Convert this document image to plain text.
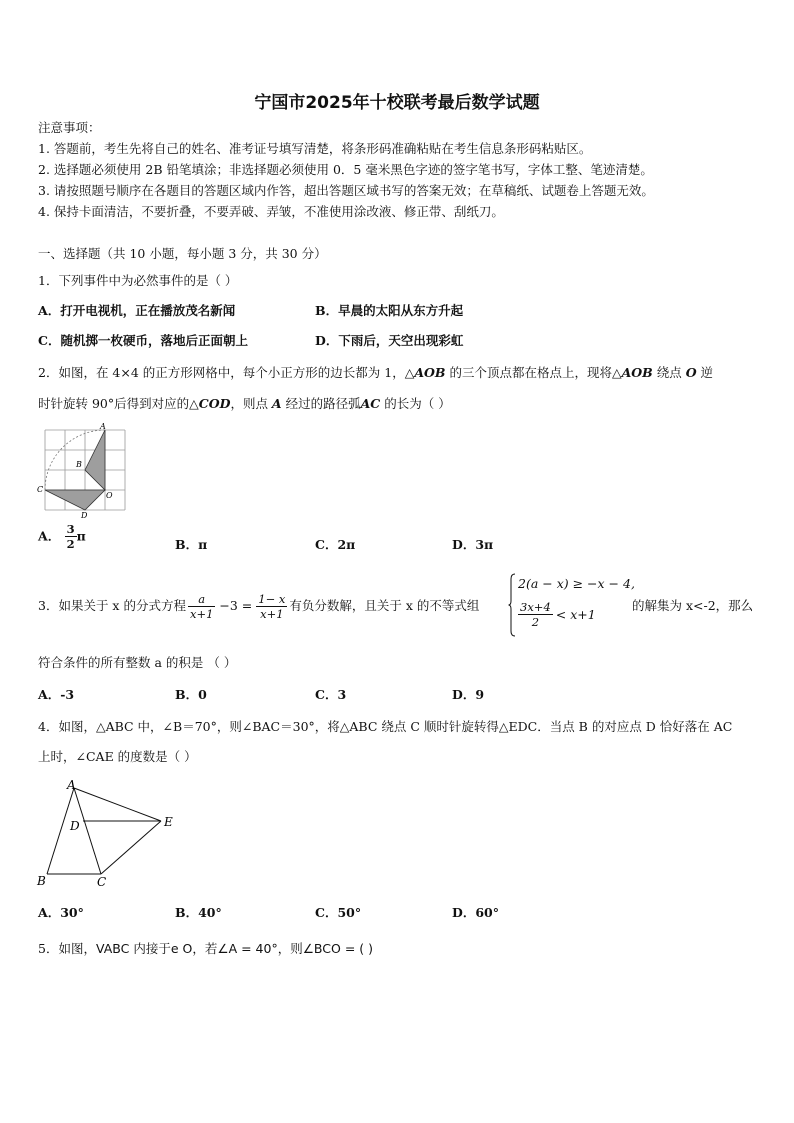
宁国市2025年十校联考最后数学试题
注意事项：
1. 答题前，考生先将自己的姓名、准考证号填写清楚，将条形码准确粘贴在考生信息条形码粘贴区。
2. 选择题必须使用 2B 铅笔填涂；非选择题必须使用 0．5 毫米黑色字迹的签字笔书写，字体工整、笔迹清楚。
3. 请按照题号顺序在各题目的答题区域内作答，超出答题区域书写的答案无效；在草稿纸、试题卷上答题无效。
4. 保持卡面清洁，不要折叠，不要弄破、弄皱，不准使用涂改液、修正带、刮纸刀。
一、选择题（共 10 小题，每小题 3 分，共 30 分）
1．下列事件中为必然事件的是（ ）
A．打开电视机，正在播放茂名新闻	B．早晨的太阳从东方升起
C．随机掷一枚硬币，落地后正面朝上	D．下雨后，天空出现彩虹
2．如图，在 4×4 的正方形网格中，每个小正方形的边长都为 1，△AOB 的三个顶点都在格点上，现将△AOB 绕点 O 逆
时针旋转 90°后得到对应的△COD，则点 A 经过的路径弧AC 的长为（ ）
A
B
C
O
D
A． $\frac{3}{2}$ π
B．π	C．2π	D．3π
3．如果关于 x 的分式方程 $\frac{a}{x+1} -3 = \frac{1- x}{x+1}$ 有负分数解，且关于 x 的不等式组
2(a − x) ≥ −x − 4,
$\frac{3x+4}{2} < x+1$
的解集为 x<-2，那么
符合条件的所有整数 a 的积是 （ ）
A．-3	B．0	C．3	D．9
4．如图，△ABC 中，∠B＝70°，则∠BAC＝30°，将△ABC 绕点 C 顺时针旋转得△EDC．当点 B 的对应点 D 恰好落在 AC
上时，∠CAE 的度数是（ ）
A
D	E
B	C
A．30°	B．40°	C．50°	D．60°
5．如图，VABC 内接于e O，若∠A = 40°，则∠BCO = ( )
